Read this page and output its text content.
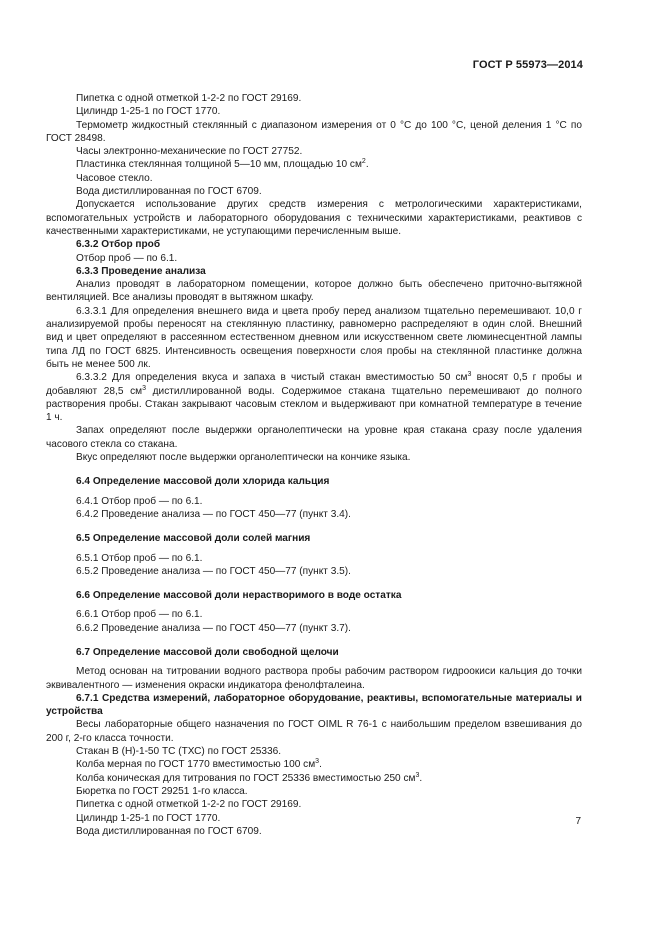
ГОСТ Р 55973—2014

Пипетка с одной отметкой 1-2-2 по ГОСТ 29169.

Цилиндр 1-25-1 по ГОСТ 1770.

Термометр жидкостный стеклянный с диапазоном измерения от 0 °С до 100 °С, ценой деления 1 °С по ГОСТ 28498.

Часы электронно-механические по ГОСТ 27752.

Пластинка стеклянная толщиной 5—10 мм, площадью 10 $см^2$.

Часовое стекло.

Вода дистиллированная по ГОСТ 6709.

Допускается использование других средств измерения с метрологическими характеристиками, вспомогательных устройств и лабораторного оборудования с техническими характеристиками, реактивов с качественными характеристиками, не уступающими перечисленным выше.

6.3.2 Отбор проб

Отбор проб — по 6.1.

6.3.3 Проведение анализа

Анализ проводят в лабораторном помещении, которое должно быть обеспечено приточно-вытяжной вентиляцией. Все анализы проводят в вытяжном шкафу.

6.3.3.1 Для определения внешнего вида и цвета пробу перед анализом тщательно перемешивают. 10,0 г анализируемой пробы переносят на стеклянную пластинку, равномерно распределяют в один слой. Внешний вид и цвет определяют в рассеянном естественном дневном или искусственном свете люминесцентной лампы типа ЛД по ГОСТ 6825. Интенсивность освещения поверхности слоя пробы на стеклянной пластинке должна быть не менее 500 лк.

6.3.3.2 Для определения вкуса и запаха в чистый стакан вместимостью 50 $см^3$ вносят 0,5 г пробы и добавляют 28,5 $см^3$ дистиллированной воды. Содержимое стакана тщательно перемешивают до полного растворения пробы. Стакан закрывают часовым стеклом и выдерживают при комнатной температуре в течение 1 ч.

Запах определяют после выдержки органолептически на уровне края стакана сразу после удаления часового стекла со стакана.

Вкус определяют после выдержки органолептически на кончике языка.

6.4 Определение массовой доли хлорида кальция

6.4.1 Отбор проб — по 6.1.

6.4.2 Проведение анализа — по ГОСТ 450—77 (пункт 3.4).

6.5 Определение массовой доли солей магния

6.5.1 Отбор проб — по 6.1.

6.5.2 Проведение анализа — по ГОСТ 450—77 (пункт 3.5).

6.6 Определение массовой доли нерастворимого в воде остатка

6.6.1 Отбор проб — по 6.1.

6.6.2 Проведение анализа — по ГОСТ 450—77 (пункт 3.7).

6.7 Определение массовой доли свободной щелочи

Метод основан на титровании водного раствора пробы рабочим раствором гидроокиси кальция до точки эквивалентного — изменения окраски индикатора фенолфталеина.

6.7.1 Средства измерений, лабораторное оборудование, реактивы, вспомогательные материалы и устройства

Весы лабораторные общего назначения по ГОСТ OIML R 76-1 с наибольшим пределом взвешивания до 200 г, 2-го класса точности.

Стакан В (Н)-1-50 ТС (ТХС) по ГОСТ 25336.

Колба мерная по ГОСТ 1770 вместимостью 100 $см^3$.

Колба коническая для титрования по ГОСТ 25336 вместимостью 250 $см^3$.

Бюретка по ГОСТ 29251 1-го класса.

Пипетка с одной отметкой 1-2-2 по ГОСТ 29169.

Цилиндр 1-25-1 по ГОСТ 1770.

Вода дистиллированная по ГОСТ 6709.

7
